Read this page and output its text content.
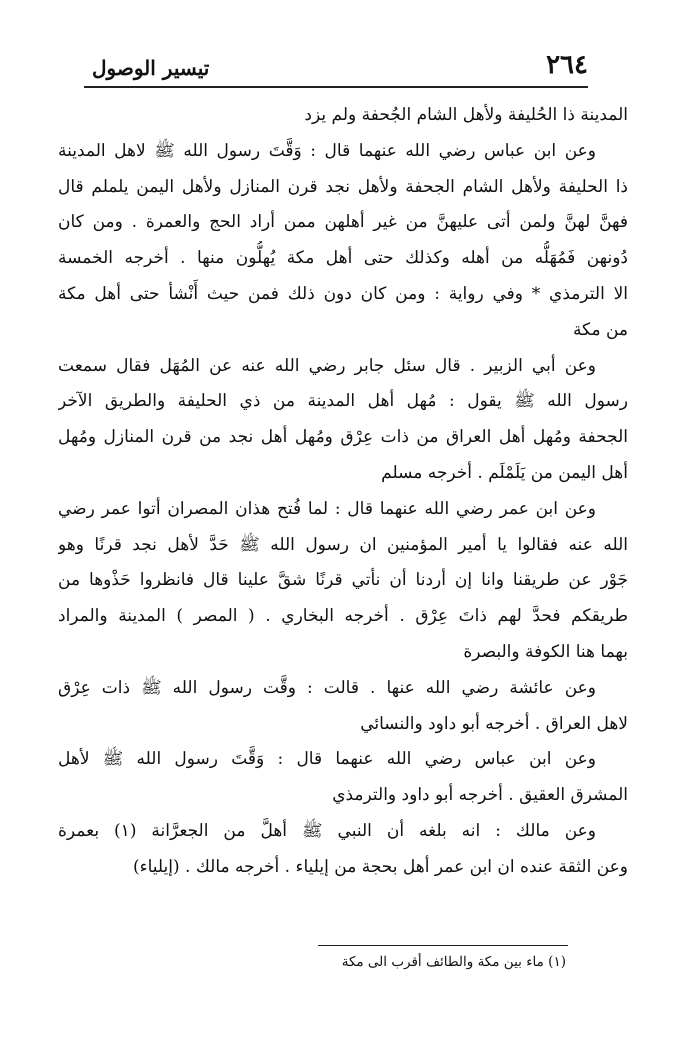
٢٦٤
تيسير الوصول
المدينة ذا الحُليفة ولأهل الشام الجُحفة ولم يزد
وعن ابن عباس رضي الله عنهما قال : وَقَّتَ رسول الله ﷺ لاهل المدينة
ذا الحليفة ولأهل الشام الجحفة ولأهل نجد قرن المنازل ولأهل اليمن يلملم قال
فهنَّ لهنَّ ولمن أتى عليهنَّ من غير أهلهن ممن أراد الحج والعمرة . ومن كان
دُونهن فَمُهَلُّه من أهله وكذلك حتى أهل مكة يُهلُّون منها . أخرجه الخمسة
الا الترمذي * وفي رواية : ومن كان دون ذلك فمن حيث أَنْشأ حتى أهل مكة
من مكة
وعن أبي الزبير . قال سئل جابر رضي الله عنه عن المُهَل فقال سمعت
رسول الله ﷺ يقول : مُهل أهل المدينة من ذي الحليفة والطريق الآخر
الجحفة ومُهل أهل العراق من ذات عِرْق ومُهل أهل نجد من قرن المنازل ومُهل
أهل اليمن من يَلَمْلَم . أخرجه مسلم
وعن ابن عمر رضي الله عنهما قال : لما فُتح هذان المصران أتوا عمر رضي
الله عنه فقالوا يا أمير المؤمنين ان رسول الله ﷺ حَدَّ لأهل نجد قرنًا وهو
جَوْر عن طريقنا وانا إن أردنا أن نأتي قرنًا شقَّ علينا قال فانظروا حَذْوها من
طريقكم فحدَّ لهم ذاتَ عِرْق . أخرجه البخاري . ( المصر ) المدينة والمراد
بهما هنا الكوفة والبصرة
وعن عائشة رضي الله عنها . قالت : وقَّت رسول الله ﷺ ذات عِرْق
لاهل العراق . أخرجه أبو داود والنسائي
وعن ابن عباس رضي الله عنهما قال : وَقَّتَ رسول الله ﷺ لأهل
المشرق العقيق . أخرجه أبو داود والترمذي
وعن مالك : انه بلغه أن النبي ﷺ أهلَّ من الجعرَّانة (١) بعمرة
وعن الثقة عنده ان ابن عمر أهل بحجة من إيلياء . أخرجه مالك . (إيلياء)
(١) ماء بين مكة والطائف أقرب الى مكة
